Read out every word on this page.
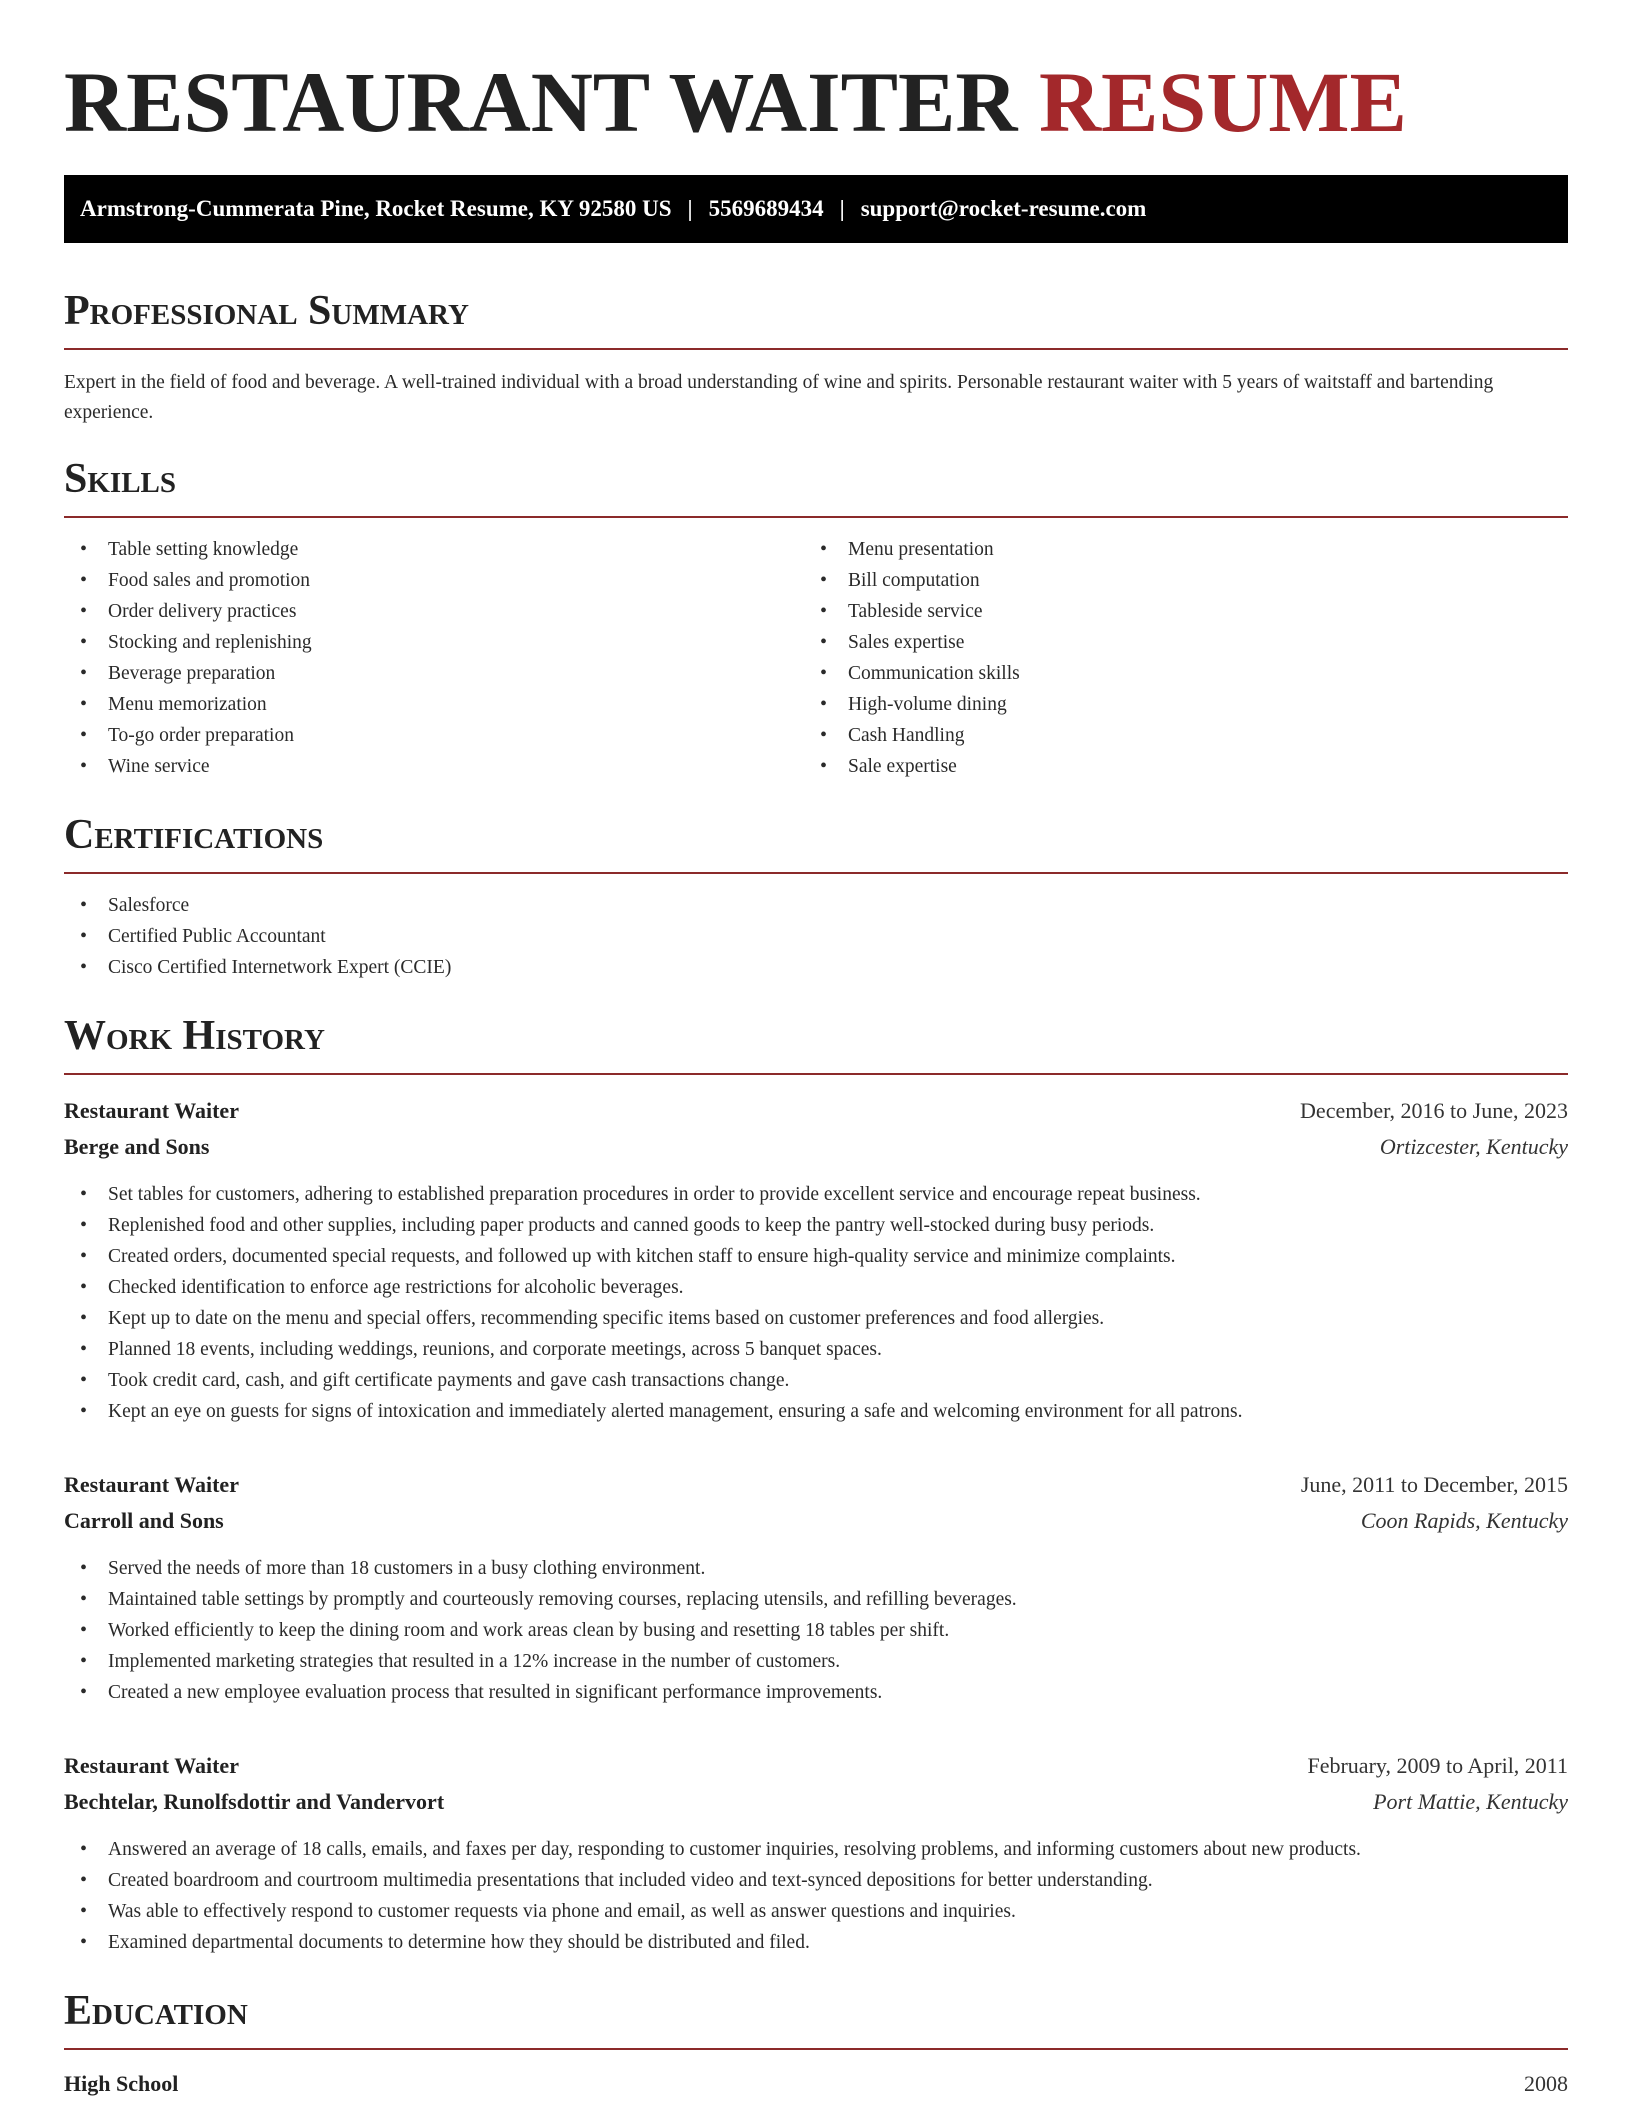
RESTAURANT WAITER RESUME
Armstrong-Cummerata Pine, Rocket Resume, KY 92580 US | 5569689434 | support@rocket-resume.com
Professional Summary

Expert in the field of food and beverage. A well-trained individual with a broad understanding of wine and spirits. Personable restaurant waiter with 5 years of waitstaff and bartending experience.

Skills
• Table setting knowledge
• Food sales and promotion
• Order delivery practices
• Stocking and replenishing
• Beverage preparation
• Menu memorization
• To-go order preparation
• Wine service
• Menu presentation
• Bill computation
• Tableside service
• Sales expertise
• Communication skills
• High-volume dining
• Cash Handling
• Sale expertise
Certifications
• Salesforce
• Certified Public Accountant
• Cisco Certified Internetwork Expert (CCIE)
Work History
Restaurant Waiter	December, 2016 to June, 2023
Berge and Sons	Ortizcester, Kentucky
• Set tables for customers, adhering to established preparation procedures in order to provide excellent service and encourage repeat business.
• Replenished food and other supplies, including paper products and canned goods to keep the pantry well-stocked during busy periods.
• Created orders, documented special requests, and followed up with kitchen staff to ensure high-quality service and minimize complaints.
• Checked identification to enforce age restrictions for alcoholic beverages.
• Kept up to date on the menu and special offers, recommending specific items based on customer preferences and food allergies.
• Planned 18 events, including weddings, reunions, and corporate meetings, across 5 banquet spaces.
• Took credit card, cash, and gift certificate payments and gave cash transactions change.
• Kept an eye on guests for signs of intoxication and immediately alerted management, ensuring a safe and welcoming environment for all patrons.
Restaurant Waiter	June, 2011 to December, 2015
Carroll and Sons	Coon Rapids, Kentucky
• Served the needs of more than 18 customers in a busy clothing environment.
• Maintained table settings by promptly and courteously removing courses, replacing utensils, and refilling beverages.
• Worked efficiently to keep the dining room and work areas clean by busing and resetting 18 tables per shift.
• Implemented marketing strategies that resulted in a 12% increase in the number of customers.
• Created a new employee evaluation process that resulted in significant performance improvements.
Restaurant Waiter	February, 2009 to April, 2011
Bechtelar, Runolfsdottir and Vandervort	Port Mattie, Kentucky
• Answered an average of 18 calls, emails, and faxes per day, responding to customer inquiries, resolving problems, and informing customers about new products.
• Created boardroom and courtroom multimedia presentations that included video and text-synced depositions for better understanding.
• Was able to effectively respond to customer requests via phone and email, as well as answer questions and inquiries.
• Examined departmental documents to determine how they should be distributed and filed.
Education
High School	2008
